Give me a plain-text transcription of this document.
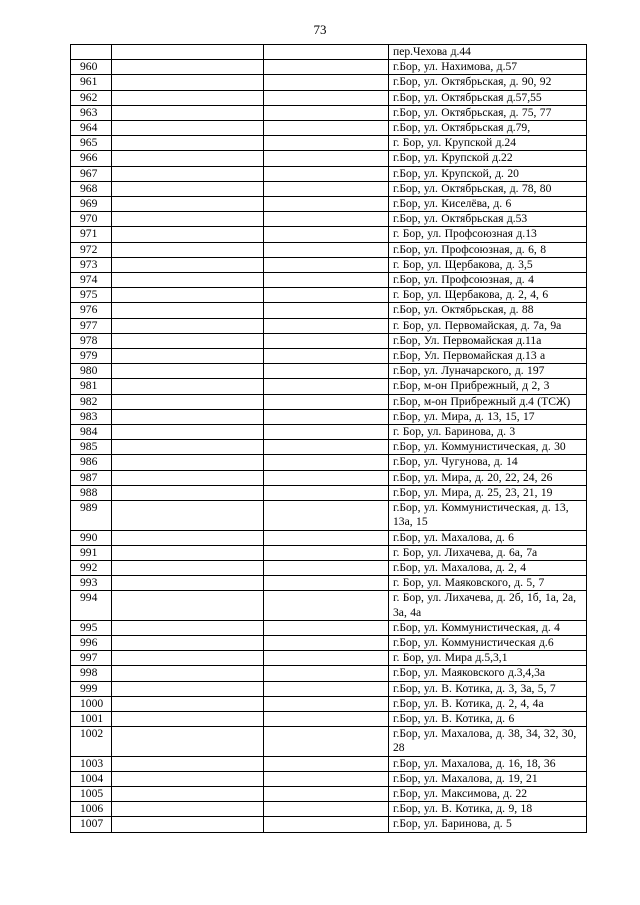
73
			пер.Чехова д.44
960			г.Бор, ул. Нахимова, д.57
961			г.Бор, ул. Октябрьская, д. 90, 92
962			г.Бор, ул. Октябрьская д.57,55
963			г.Бор, ул. Октябрьская, д. 75, 77
964			г.Бор, ул. Октябрьская д.79,
965			г. Бор, ул. Крупской д.24
966			г.Бор, ул. Крупской д.22
967			г.Бор, ул. Крупской, д. 20
968			г.Бор, ул. Октябрьская, д. 78, 80
969			г.Бор, ул. Киселёва, д. 6
970			г.Бор, ул. Октябрьская д.53
971			г. Бор, ул. Профсоюзная д.13
972			г.Бор, ул. Профсоюзная, д. 6, 8
973			г. Бор, ул. Щербакова, д. 3,5
974			г.Бор, ул. Профсоюзная, д. 4
975			г. Бор, ул. Щербакова, д. 2, 4, 6
976			г.Бор, ул. Октябрьская, д. 88
977			г. Бор, ул. Первомайская, д. 7а, 9а
978			г.Бор, Ул. Первомайская д.11а
979			г.Бор, Ул. Первомайская д.13 а
980			г.Бор, ул. Луначарского, д. 197
981			г.Бор, м-он Прибрежный, д 2, 3
982			г.Бор, м-он Прибрежный д.4 (ТСЖ)
983			г.Бор, ул. Мира, д. 13, 15, 17
984			г. Бор, ул. Баринова, д. 3
985			г.Бор, ул. Коммунистическая, д. 30
986			г.Бор, ул. Чугунова, д. 14
987			г.Бор, ул. Мира, д. 20, 22, 24, 26
988			г.Бор, ул. Мира, д. 25, 23, 21, 19
989			г.Бор, ул. Коммунистическая, д. 13, 13а, 15
990			г.Бор, ул. Махалова, д. 6
991			г. Бор, ул. Лихачева, д. 6а, 7а
992			г.Бор, ул. Махалова, д. 2, 4
993			г. Бор, ул. Маяковского, д. 5, 7
994			г. Бор, ул. Лихачева, д. 2б, 1б, 1а, 2а, 3а, 4а
995			г.Бор, ул. Коммунистическая, д. 4
996			г.Бор, ул. Коммунистическая д.6
997			г. Бор, ул. Мира д.5,3,1
998			г.Бор, ул. Маяковского д.3,4,3а
999			г.Бор, ул. В. Котика, д. 3, 3а, 5, 7
1000			г.Бор, ул. В. Котика, д. 2, 4, 4а
1001			г.Бор, ул. В. Котика, д. 6
1002			г.Бор, ул. Махалова, д. 38, 34, 32, 30, 28
1003			г.Бор, ул. Махалова, д. 16, 18, 36
1004			г.Бор, ул. Махалова, д. 19, 21
1005			г.Бор, ул. Максимова, д. 22
1006			г.Бор, ул. В. Котика, д. 9, 18
1007			г.Бор, ул. Баринова, д. 5
